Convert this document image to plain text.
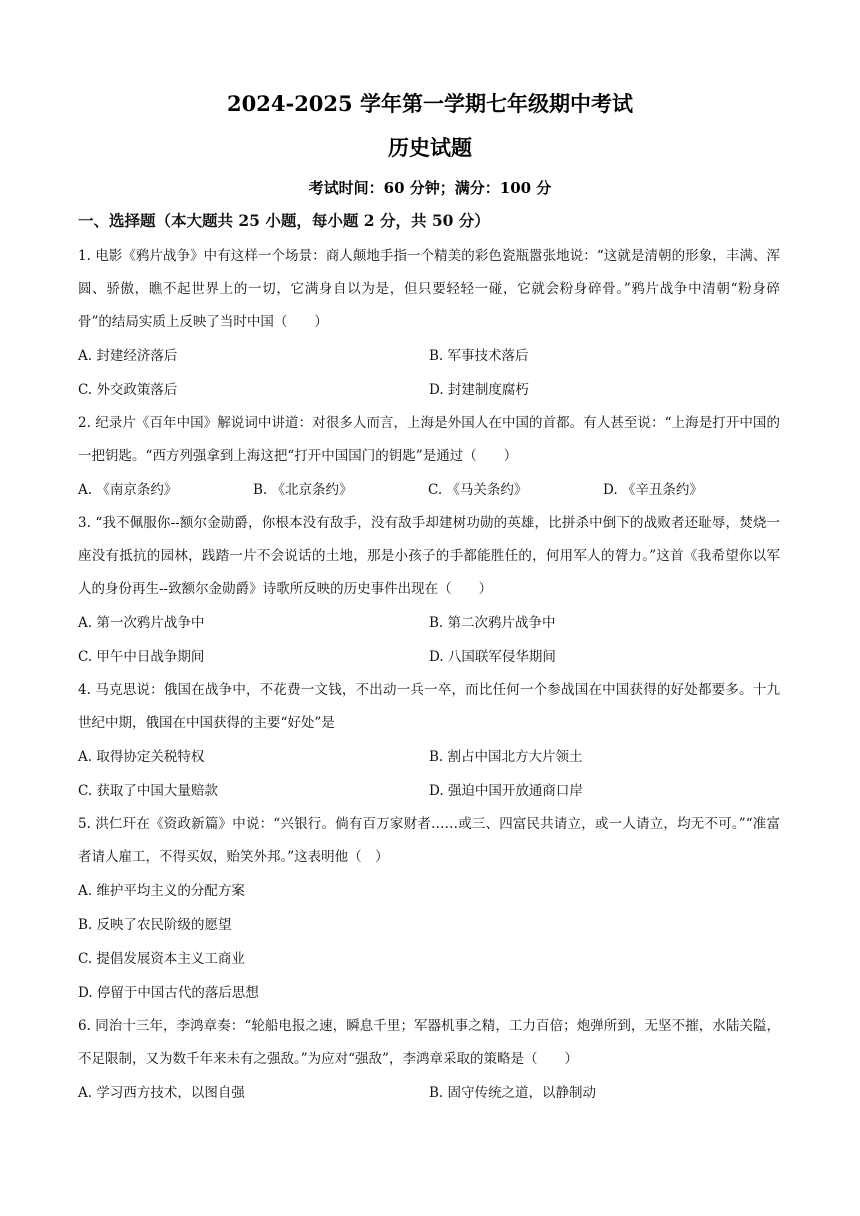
2024-2025 学年第一学期七年级期中考试
历史试题
考试时间：60 分钟；满分：100 分
一、选择题（本大题共 25 小题，每小题 2 分，共 50 分）
1. 电影《鸦片战争》中有这样一个场景：商人颠地手指一个精美的彩色瓷瓶嚣张地说：“这就是清朝的形象，丰满、浑圆、骄傲，瞧不起世界上的一切，它满身自以为是，但只要轻轻一碰，它就会粉身碎骨。”鸦片战争中清朝“粉身碎骨”的结局实质上反映了当时中国（　　）
A. 封建经济落后	B. 军事技术落后
C. 外交政策落后	D. 封建制度腐朽
2. 纪录片《百年中国》解说词中讲道：对很多人而言，上海是外国人在中国的首都。有人甚至说：“上海是打开中国的一把钥匙。“西方列强拿到上海这把“打开中国国门的钥匙”是通过（　　）
A. 《南京条约》	B. 《北京条约》	C. 《马关条约》	D. 《辛丑条约》
3. “我不佩服你--额尔金勋爵，你根本没有敌手，没有敌手却建树功勋的英雄，比拼杀中倒下的战败者还耻辱，焚烧一座没有抵抗的园林，践踏一片不会说话的土地，那是小孩子的手都能胜任的，何用军人的膂力。”这首《我希望你以军人的身份再生--致额尔金勋爵》诗歌所反映的历史事件出现在（　　）
A. 第一次鸦片战争中	B. 第二次鸦片战争中
C. 甲午中日战争期间	D. 八国联军侵华期间
4. 马克思说：俄国在战争中，不花费一文钱，不出动一兵一卒，而比任何一个参战国在中国获得的好处都要多。十九世纪中期，俄国在中国获得的主要“好处”是
A. 取得协定关税特权	B. 割占中国北方大片领土
C. 获取了中国大量赔款	D. 强迫中国开放通商口岸
5. 洪仁玕在《资政新篇》中说：“兴银行。倘有百万家财者……或三、四富民共请立，或一人请立，均无不可。”“准富者请人雇工，不得买奴，贻笑外邦。”这表明他（　）
A. 维护平均主义的分配方案
B. 反映了农民阶级的愿望
C. 提倡发展资本主义工商业
D. 停留于中国古代的落后思想
6. 同治十三年，李鸿章奏：“轮船电报之速，瞬息千里；军器机事之精，工力百倍；炮弹所到，无坚不摧，水陆关隘，不足限制，又为数千年来未有之强敌。”为应对“强敌”，李鸿章采取的策略是（　　）
A. 学习西方技术，以图自强	B. 固守传统之道，以静制动
